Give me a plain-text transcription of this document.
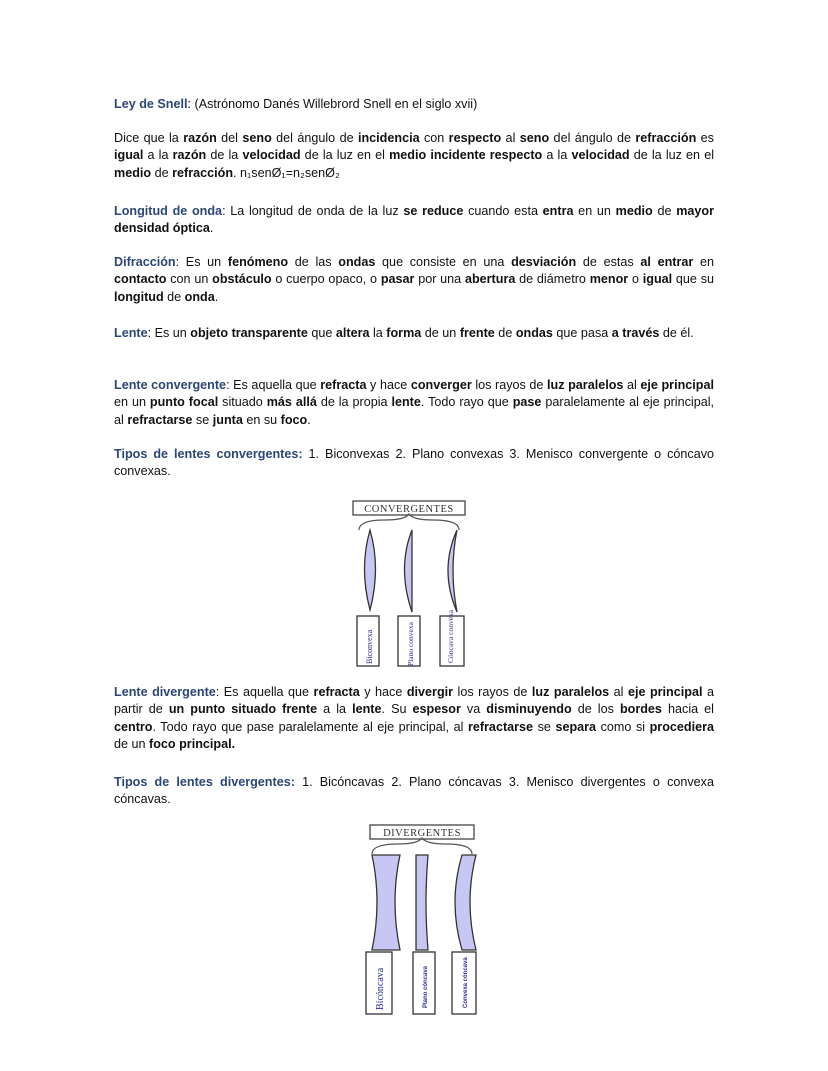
Ley de Snell: (Astrónomo Danés Willebrord Snell en el siglo xvii)

Dice que la razón del seno del ángulo de incidencia con respecto al seno del ángulo de refracción es igual a la razón de la velocidad de la luz en el medio incidente respecto a la velocidad de la luz en el medio de refracción. n₁senØ₁=n₂senØ₂

Longitud de onda: La longitud de onda de la luz se reduce cuando esta entra en un medio de mayor densidad óptica.

Difracción: Es un fenómeno de las ondas que consiste en una desviación de estas al entrar en contacto con un obstáculo o cuerpo opaco, o pasar por una abertura de diámetro menor o igual que su longitud de onda.

Lente: Es un objeto transparente que altera la forma de un frente de ondas que pasa a través de él.

Lente convergente: Es aquella que refracta y hace converger los rayos de luz paralelos al eje principal en un punto focal situado más allá de la propia lente. Todo rayo que pase paralelamente al eje principal, al refractarse se junta en su foco.

Tipos de lentes convergentes: 1. Biconvexas 2. Plano convexas 3. Menisco convergente o cóncavo convexas.

Lente divergente: Es aquella que refracta y hace divergir los rayos de luz paralelos al eje principal a partir de un punto situado frente a la lente. Su espesor va disminuyendo de los bordes hacia el centro. Todo rayo que pase paralelamente al eje principal, al refractarse se separa como si procediera de un foco principal.

Tipos de lentes divergentes: 1. Bicóncavas 2. Plano cóncavas 3. Menisco divergentes o convexa cóncavas.

CONVERGENTES
Biconvexa	Plano convexa	Cóncava convexa
DIVERGENTES
Bicóncava	Plano cóncava	Convexa cóncava
